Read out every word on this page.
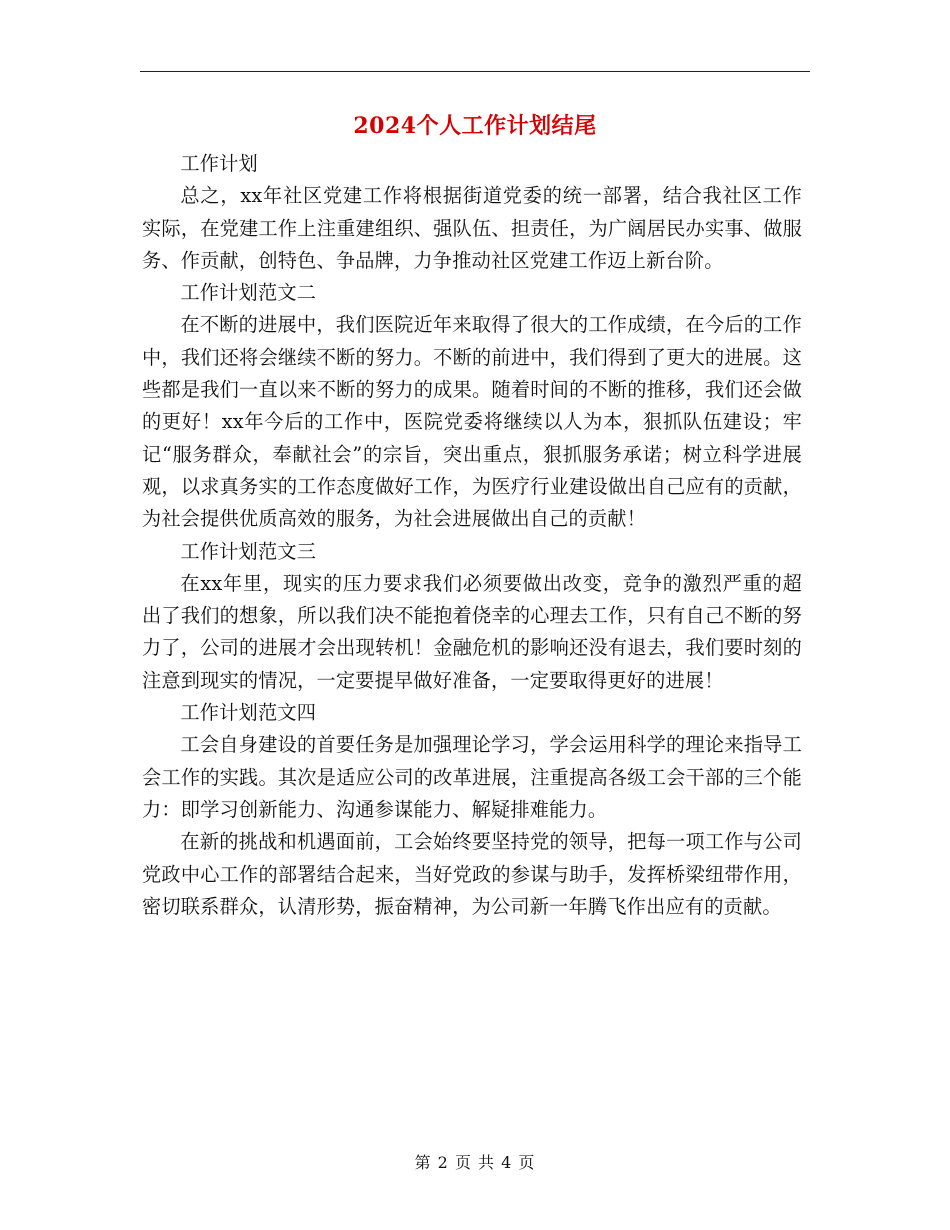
2024个人工作计划结尾

工作计划

总之，xx年社区党建工作将根据街道党委的统一部署，结合我社区工作实际，在党建工作上注重建组织、强队伍、担责任，为广阔居民办实事、做服务、作贡献，创特色、争品牌，力争推动社区党建工作迈上新台阶。

工作计划范文二

在不断的进展中，我们医院近年来取得了很大的工作成绩，在今后的工作中，我们还将会继续不断的努力。不断的前进中，我们得到了更大的进展。这些都是我们一直以来不断的努力的成果。随着时间的不断的推移，我们还会做的更好！xx年今后的工作中，医院党委将继续以人为本，狠抓队伍建设；牢记“服务群众，奉献社会”的宗旨，突出重点，狠抓服务承诺；树立科学进展观，以求真务实的工作态度做好工作，为医疗行业建设做出自己应有的贡献，为社会提供优质高效的服务，为社会进展做出自己的贡献！

工作计划范文三

在xx年里，现实的压力要求我们必须要做出改变，竞争的激烈严重的超出了我们的想象，所以我们决不能抱着侥幸的心理去工作，只有自己不断的努力了，公司的进展才会出现转机！金融危机的影响还没有退去，我们要时刻的注意到现实的情况，一定要提早做好准备，一定要取得更好的进展！

工作计划范文四

工会自身建设的首要任务是加强理论学习，学会运用科学的理论来指导工会工作的实践。其次是适应公司的改革进展，注重提高各级工会干部的三个能力：即学习创新能力、沟通参谋能力、解疑排难能力。

在新的挑战和机遇面前，工会始终要坚持党的领导，把每一项工作与公司党政中心工作的部署结合起来，当好党政的参谋与助手，发挥桥梁纽带作用，密切联系群众，认清形势，振奋精神，为公司新一年腾飞作出应有的贡献。

第 2 页 共 4 页
